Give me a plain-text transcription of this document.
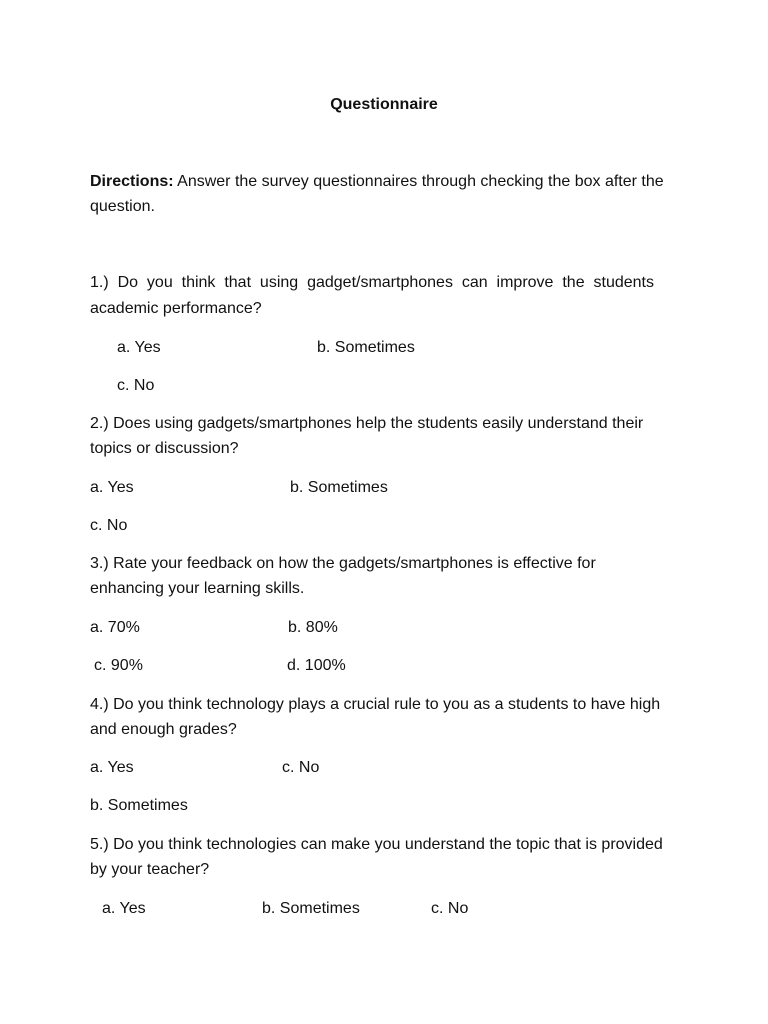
Questionnaire
Directions: Answer the survey questionnaires through checking the box after the
question.
1.) Do you think that using gadget/smartphones can improve the students
academic performance?
a. Yes	b. Sometimes
c. No
2.) Does using gadgets/smartphones help the students easily understand their
topics or discussion?
a. Yes	b. Sometimes
c. No
3.) Rate your feedback on how the gadgets/smartphones is effective for
enhancing your learning skills.
a. 70%	b. 80%
c. 90%	d. 100%
4.) Do you think technology plays a crucial rule to you as a students to have high
and enough grades?
a. Yes	c. No
b. Sometimes
5.) Do you think technologies can make you understand the topic that is provided
by your teacher?
a. Yes	b. Sometimes	c. No
